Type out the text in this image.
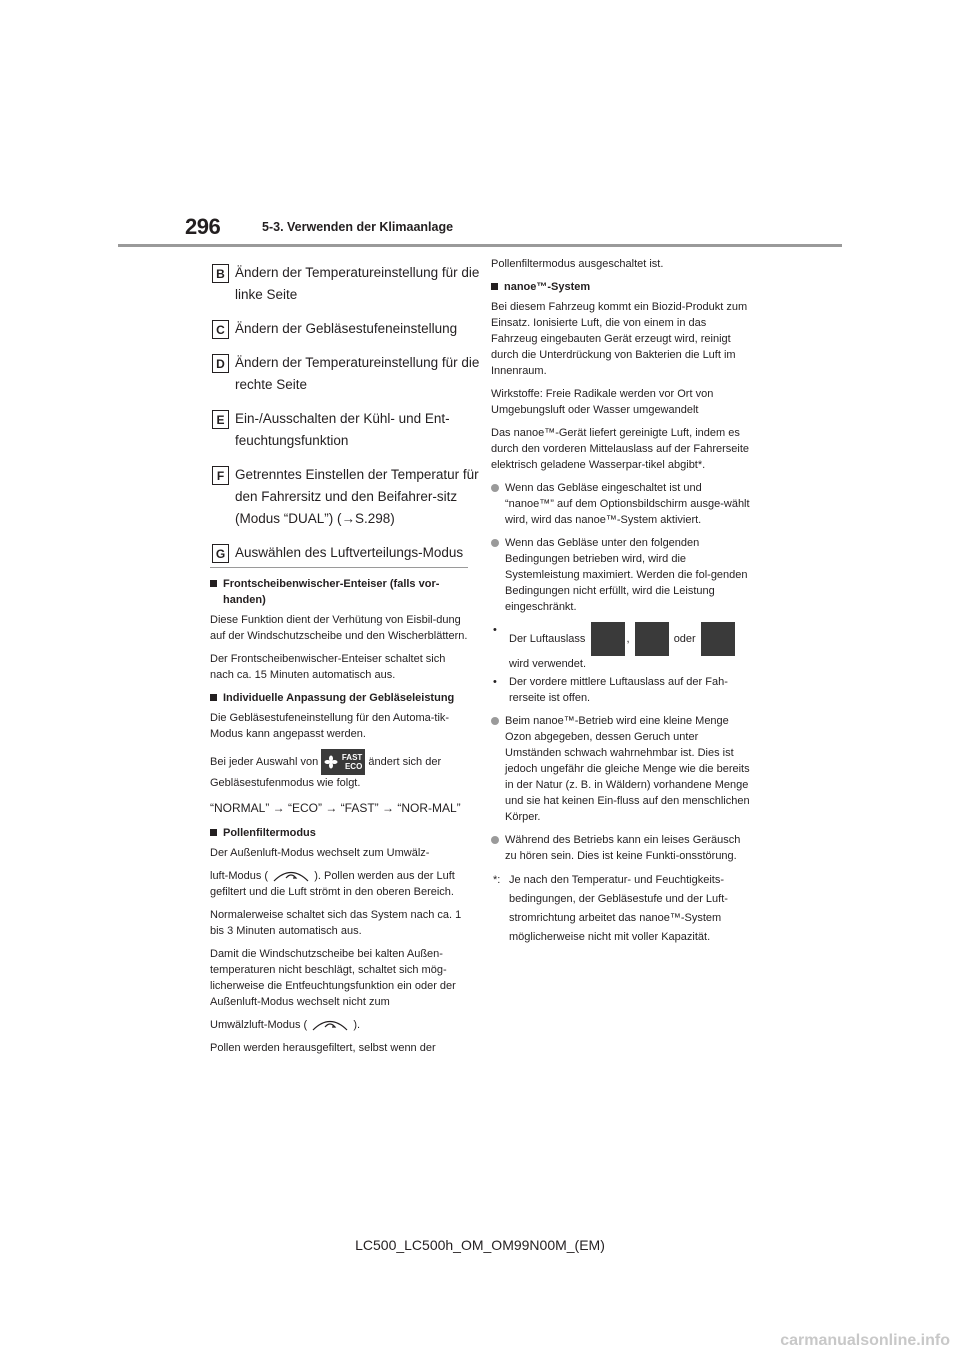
296	5-3. Verwenden der Klimaanlage
B Ändern der Temperatureinstellung für die linke Seite
C Ändern der Gebläsestufeneinstellung
D Ändern der Temperatureinstellung für die rechte Seite
E Ein-/Ausschalten der Kühl- und Ent-feuchtungsfunktion
F Getrenntes Einstellen der Temperatur für den Fahrersitz und den Beifahrer-sitz (Modus “DUAL”) (→S.298)
G Auswählen des Luftverteilungs-Modus
Frontscheibenwischer-Enteiser (falls vor-handen)

Diese Funktion dient der Verhütung von Eisbil-dung auf der Windschutzscheibe und den Wischerblättern.

Der Frontscheibenwischer-Enteiser schaltet sich nach ca. 15 Minuten automatisch aus.

Individuelle Anpassung der Gebläseleistung

Die Gebläsestufeneinstellung für den Automa-tik-Modus kann angepasst werden.

Bei jeder Auswahl von	FAST
ECO ändert sich der Gebläsestufenmodus wie folgt.

“NORMAL” → “ECO” → “FAST” → “NOR-MAL”

Pollenfiltermodus

Der Außenluft-Modus wechselt zum Umwälz-

luft-Modus (	). Pollen werden aus der Luft gefiltert und die Luft strömt in den oberen Bereich.

Normalerweise schaltet sich das System nach ca. 1 bis 3 Minuten automatisch aus.

Damit die Windschutzscheibe bei kalten Außen-temperaturen nicht beschlägt, schaltet sich mög-licherweise die Entfeuchtungsfunktion ein oder der Außenluft-Modus wechselt nicht zum

Umwälzluft-Modus (	).

Pollen werden herausgefiltert, selbst wenn der

Pollenfiltermodus ausgeschaltet ist.

nanoe™-System

Bei diesem Fahrzeug kommt ein Biozid-Produkt zum Einsatz. Ionisierte Luft, die von einem in das Fahrzeug eingebauten Gerät erzeugt wird, reinigt durch die Unterdrückung von Bakterien die Luft im Innenraum.

Wirkstoffe: Freie Radikale werden vor Ort von Umgebungsluft oder Wasser umgewandelt

Das nanoe™-Gerät liefert gereinigte Luft, indem es durch den vorderen Mittelauslass auf der Fahrerseite elektrisch geladene Wasserpar-tikel abgibt*.

Wenn das Gebläse eingeschaltet ist und “nanoe™” auf dem Optionsbildschirm ausge-wählt wird, wird das nanoe™-System aktiviert.
Wenn das Gebläse unter den folgenden Bedingungen betrieben wird, wird die Systemleistung maximiert. Werden die fol-genden Bedingungen nicht erfüllt, wird die Leistung eingeschränkt.
•
Der Luftauslass	,	oder
wird verwendet.
•	Der vordere mittlere Luftauslass auf der Fah-rerseite ist offen.
Beim nanoe™-Betrieb wird eine kleine Menge Ozon abgegeben, dessen Geruch unter Umständen schwach wahrnehmbar ist. Dies ist jedoch ungefähr die gleiche Menge wie die bereits in der Natur (z. B. in Wäldern) vorhandene Menge und sie hat keinen Ein-fluss auf den menschlichen Körper.
Während des Betriebs kann ein leises Geräusch zu hören sein. Dies ist keine Funkti-onsstörung.
*: Je nach den Temperatur- und Feuchtigkeits-bedingungen, der Gebläsestufe und der Luft-stromrichtung arbeitet das nanoe™-System möglicherweise nicht mit voller Kapazität.
LC500_LC500h_OM_OM99N00M_(EM)
carmanualsonline.info
